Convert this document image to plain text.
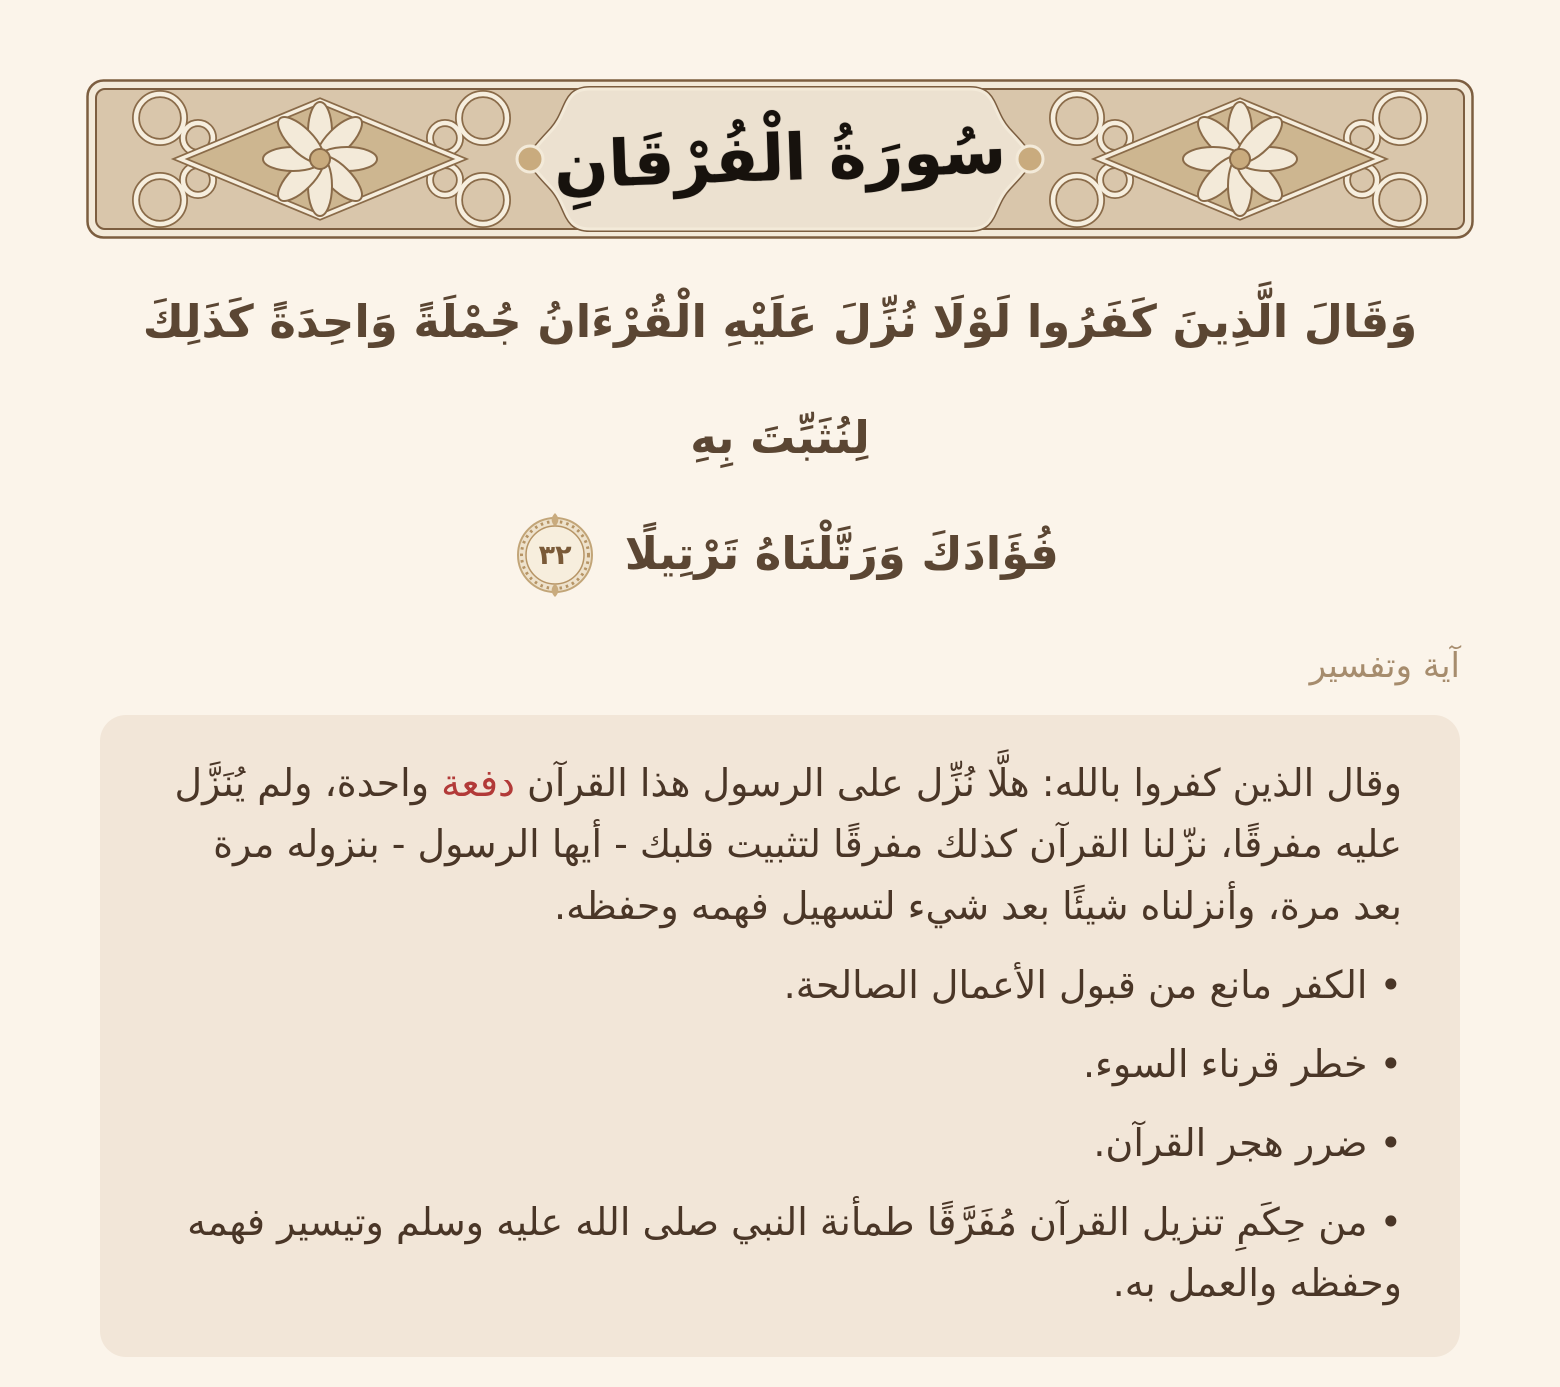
سُورَةُ الْفُرْقَانِ
وَقَالَ الَّذِينَ كَفَرُوا لَوْلَا نُزِّلَ عَلَيْهِ الْقُرْءَانُ جُمْلَةً وَاحِدَةً كَذَلِكَ لِنُثَبِّتَ بِهِ
فُؤَادَكَ وَرَتَّلْنَاهُ تَرْتِيلًا
٣٢
آية وتفسير

وقال الذين كفروا بالله: هلَّا نُزِّل على الرسول هذا القرآن دفعة واحدة، ولم يُنَزَّل عليه مفرقًا، نزّلنا القرآن كذلك مفرقًا لتثبيت قلبك - أيها الرسول - بنزوله مرة بعد مرة، وأنزلناه شيئًا بعد شيء لتسهيل فهمه وحفظه.

• الكفر مانع من قبول الأعمال الصالحة.
• خطر قرناء السوء.
• ضرر هجر القرآن.
• من حِكَمِ تنزيل القرآن مُفَرَّقًا طمأنة النبي صلى الله عليه وسلم وتيسير فهمه وحفظه والعمل به.
